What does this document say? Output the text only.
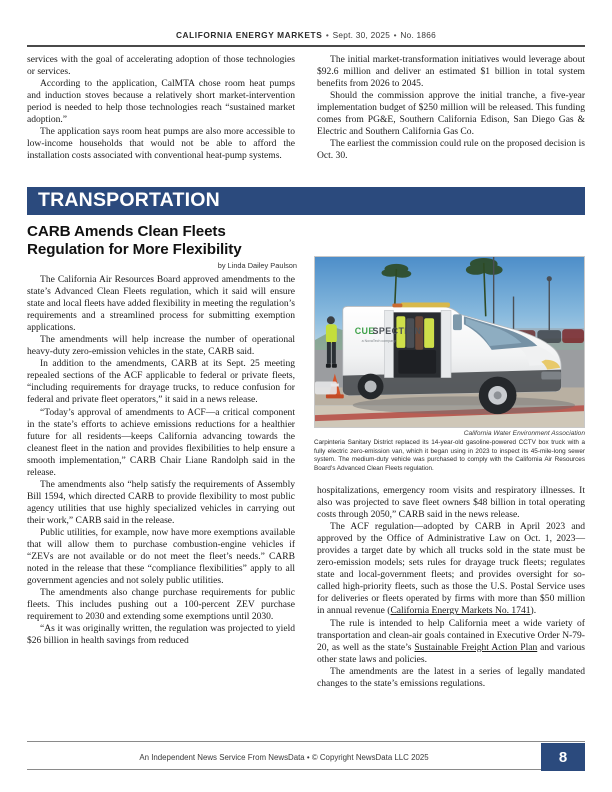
CALIFORNIA ENERGY MARKETS • Sept. 30, 2025 • No. 1866

services with the goal of accelerating adoption of those technologies or services.

According to the application, CalMTA chose room heat pumps and induction stoves because a relatively short market-intervention period is needed to help those technologies reach “sustained market adoption.”

The application says room heat pumps are also more accessible to low-income households that would not be able to afford the installation costs associated with conventional heat-pump systems.

The initial market-transformation initiatives would leverage about $92.6 million and deliver an estimated $1 billion in total system benefits from 2026 to 2045.

Should the commission approve the initial tranche, a five-year implementation budget of $250 million will be released. This funding comes from PG&E, Southern California Edison, San Diego Gas & Electric and Southern California Gas Co.

The earliest the commission could rule on the proposed decision is Oct. 30.

TRANSPORTATION
CARB Amends Clean Fleets Regulation for More Flexibility
by Linda Dailey Paulson

The California Air Resources Board approved amendments to the state’s Advanced Clean Fleets regulation, which it said will ensure state and local fleets have added flexibility in meeting the regulation’s requirements and a streamlined process for submitting exemption applications.

The amendments will help increase the number of operational heavy-duty zero-emission vehicles in the state, CARB said.

In addition to the amendments, CARB at its Sept. 25 meeting repealed sections of the ACF applicable to federal or private fleets, “including requirements for drayage trucks, to reduce confusion for federal and private fleet operators,” it said in a news release.

“Today’s approval of amendments to ACF—a critical component in the state’s efforts to achieve emissions reductions for a healthier future for all residents—keeps California advancing towards the cleanest fleet in the nation and provides flexibilities to help ensure a smooth implementation,” CARB Chair Liane Randolph said in the release.

The amendments also “help satisfy the requirements of Assembly Bill 1594, which directed CARB to provide flexibility to most public agency utilities that use highly specialized vehicles in carrying out their work,” CARB said in the release.

Public utilities, for example, now have more exemptions available that will allow them to purchase combustion-engine vehicles if “ZEVs are not available or do not meet the fleet’s needs.” CARB noted in the release that these “compliance flexibilities” apply to all government agencies and not solely public utilities.

The amendments also change purchase requirements for public fleets. This includes pushing out a 100-percent ZEV purchase requirement to 2030 and extending some exemptions until 2030.

“As it was originally written, the regulation was projected to yield $26 billion in health savings from reduced

CUE
SPECTION
a NovaTech company
California Water Environment Association
Carpinteria Sanitary District replaced its 14-year-old gasoline-powered CCTV box truck with a fully electric zero-emission van, which it began using in 2023 to inspect its 45-mile-long sewer system. The medium-duty vehicle was purchased to comply with the California Air Resources Board’s Advanced Clean Fleets regulation.

hospitalizations, emergency room visits and respiratory illnesses. It also was projected to save fleet owners $48 billion in total operating costs through 2050,” CARB said in the news release.

The ACF regulation—adopted by CARB in April 2023 and approved by the Office of Administrative Law on Oct. 1, 2023—provides a target date by which all trucks sold in the state must be zero-emission models; sets rules for drayage truck fleets; regulates state and local-government fleets; and provides oversight for so-called high-priority fleets, such as those the U.S. Postal Service uses for deliveries or fleets operated by firms with more than $50 million in annual revenue (California Energy Markets No. 1741).

The rule is intended to help California meet a wide variety of transportation and clean-air goals contained in Executive Order N-79-20, as well as the state’s Sustainable Freight Action Plan and various other state laws and policies.

The amendments are the latest in a series of legally mandated changes to the state’s emissions regulations.

An Independent News Service From NewsData • © Copyright NewsData LLC 2025	8
